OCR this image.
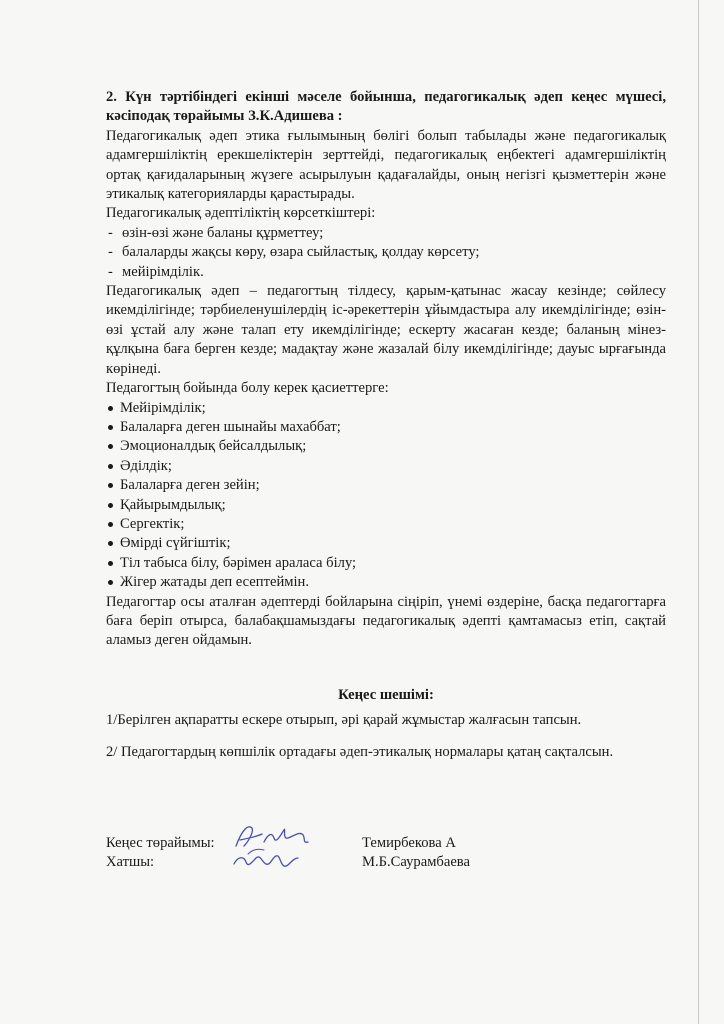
2. Күн тәртібіндегі екінші мәселе бойынша, педагогикалық әдеп кеңес мүшесі, кәсіподақ төрайымы З.К.Адишева :

Педагогикалық әдеп этика ғылымының бөлігі болып табылады және педагогикалық адамгершіліктің ерекшеліктерін зерттейді, педагогикалық еңбектегі адамгершіліктің ортақ қағидаларының жүзеге асырылуын қадағалайды, оның негізгі қызметтерін және этикалық категорияларды қарастырады.

Педагогикалық әдептіліктің көрсеткіштері:

- өзін-өзі және баланы құрметтеу;
- балаларды жақсы көру, өзара сыйластық, қолдау көрсету;
- мейірімділік.

Педагогикалық әдеп – педагогтың тілдесу, қарым-қатынас жасау кезінде; сөйлесу икемділігінде; тәрбиеленушілердің іс-әрекеттерін ұйымдастыра алу икемділігінде; өзін-өзі ұстай алу және талап ету икемділігінде; ескерту жасаған кезде; баланың мінез-құлқына баға берген кезде; мадақтау және жазалай білу икемділігінде; дауыс ырғағында көрінеді.

Педагогтың бойында болу керек қасиеттерге:

Мейірімділік;
Балаларға деген шынайы махаббат;
Эмоционалдық бейсалдылық;
Әділдік;
Балаларға деген зейін;
Қайырымдылық;
Сергектік;
Өмірді сүйгіштік;
Тіл табыса білу, бәрімен араласа білу;
Жігер жатады деп есептеймін.

Педагогтар осы аталған әдептерді бойларына сіңіріп, үнемі өздеріне, басқа педагогтарға баға беріп отырса, балабақшамыздағы педагогикалық әдепті қамтамасыз етіп, сақтай аламыз деген ойдамын.

Кеңес шешімі:

1/Берілген ақпаратты ескере отырып, әрі қарай жұмыстар жалғасын тапсын.

2/ Педагогтардың көпшілік ортадағы әдеп-этикалық нормалары қатаң сақталсын.

Кеңес төрайымы:	Темирбекова А
Хатшы:	М.Б.Саурамбаева
